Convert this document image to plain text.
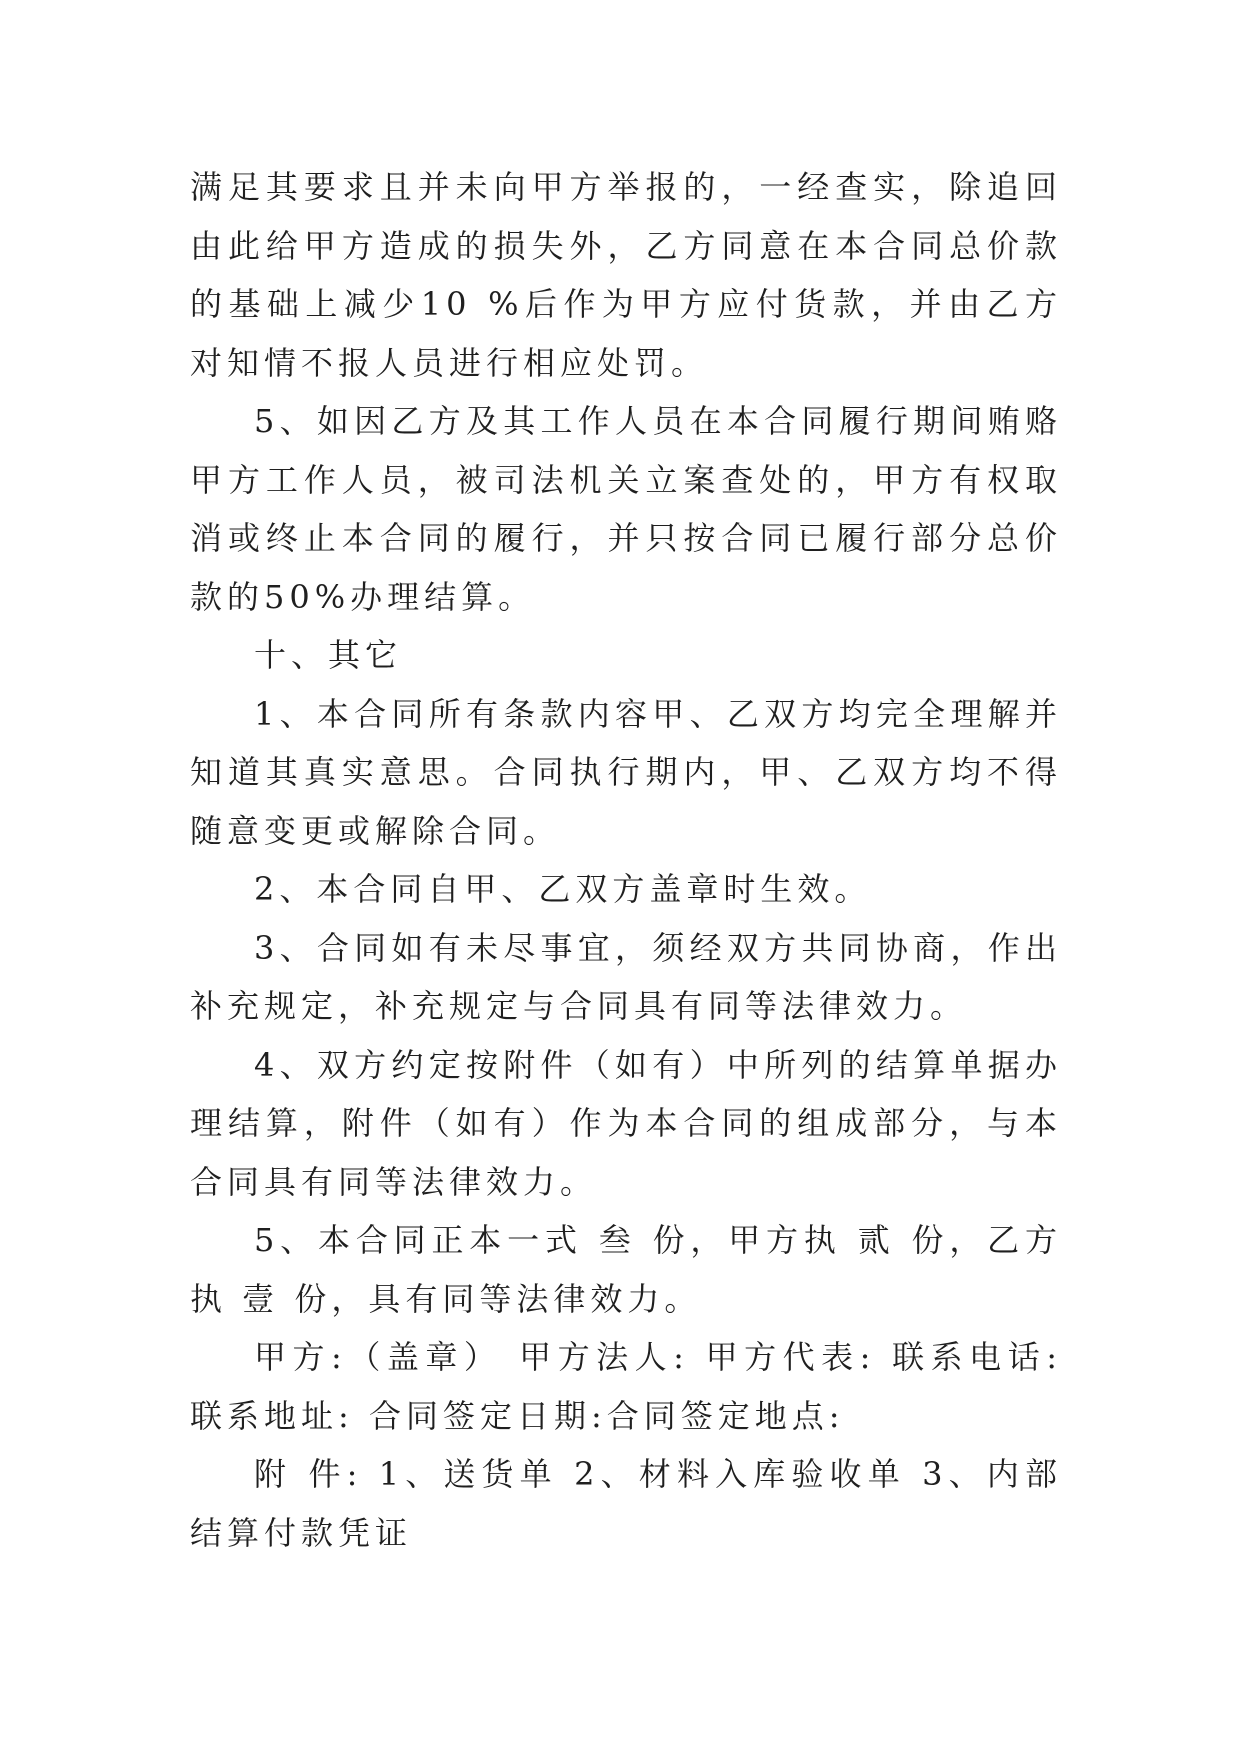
满足其要求且并未向甲方举报的，一经查实，除追回由此给甲方造成的损失外，乙方同意在本合同总价款的基础上减少10 %后作为甲方应付货款，并由乙方对知情不报人员进行相应处罚。

5、如因乙方及其工作人员在本合同履行期间贿赂甲方工作人员，被司法机关立案查处的，甲方有权取消或终止本合同的履行，并只按合同已履行部分总价款的50%办理结算。

十、其它

1、本合同所有条款内容甲、乙双方均完全理解并知道其真实意思。合同执行期内，甲、乙双方均不得随意变更或解除合同。

2、本合同自甲、乙双方盖章时生效。

3、合同如有未尽事宜，须经双方共同协商，作出补充规定，补充规定与合同具有同等法律效力。

4、双方约定按附件（如有）中所列的结算单据办理结算，附件（如有）作为本合同的组成部分，与本合同具有同等法律效力。

5、本合同正本一式 叁 份，甲方执 贰 份，乙方执 壹 份，具有同等法律效力。

甲方:（盖章） 甲方法人: 甲方代表: 联系电话:联系地址: 合同签定日期:合同签定地点:

附 件: 1、送货单 2、材料入库验收单 3、内部结算付款凭证
